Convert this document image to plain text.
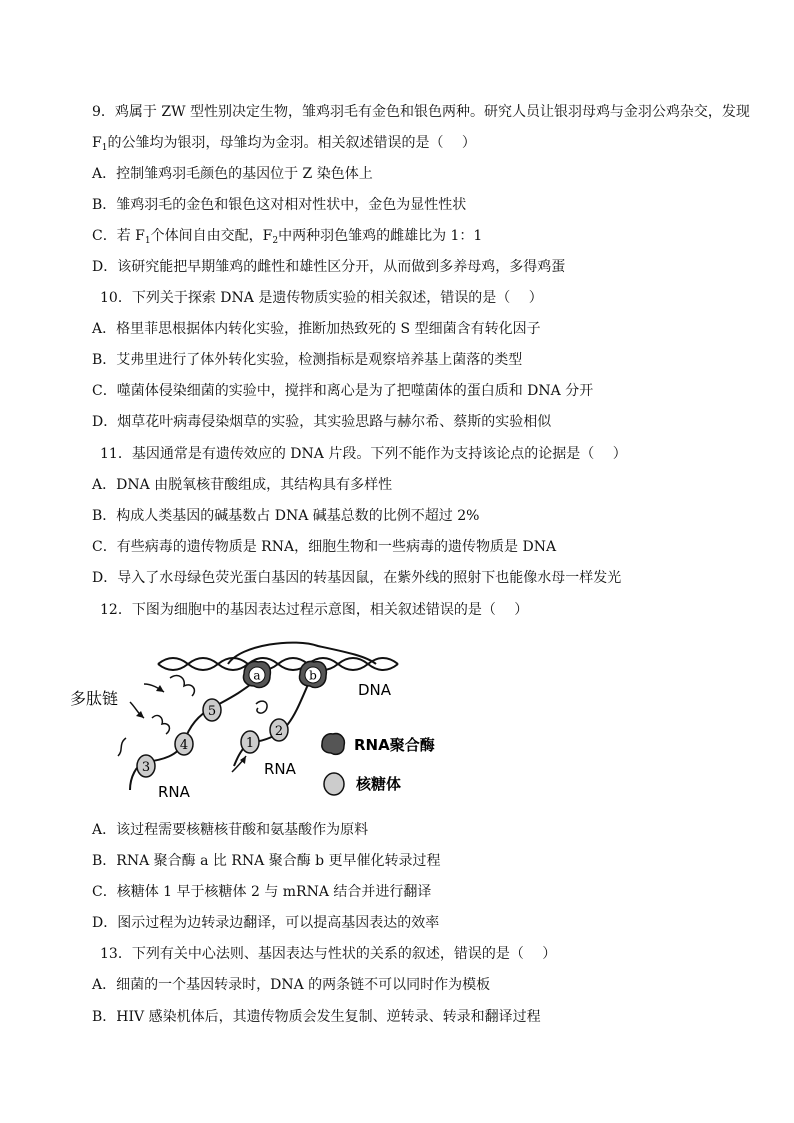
9．鸡属于 ZW 型性别决定生物，雏鸡羽毛有金色和银色两种。研究人员让银羽母鸡与金羽公鸡杂交，发现
$F_1$的公雏均为银羽，母雏均为金羽。相关叙述错误的是（　 ）
A．控制雏鸡羽毛颜色的基因位于 Z 染色体上
B．雏鸡羽毛的金色和银色这对相对性状中，金色为显性性状
C．若 $F_1$个体间自由交配，$F_2$中两种羽色雏鸡的雌雄比为 1：1
D．该研究能把早期雏鸡的雌性和雄性区分开，从而做到多养母鸡，多得鸡蛋
10．下列关于探索 DNA 是遗传物质实验的相关叙述，错误的是（　 ）
A．格里菲思根据体内转化实验，推断加热致死的 S 型细菌含有转化因子
B．艾弗里进行了体外转化实验，检测指标是观察培养基上菌落的类型
C．噬菌体侵染细菌的实验中，搅拌和离心是为了把噬菌体的蛋白质和 DNA 分开
D．烟草花叶病毒侵染烟草的实验，其实验思路与赫尔希、蔡斯的实验相似
11．基因通常是有遗传效应的 DNA 片段。下列不能作为支持该论点的论据是（　 ）
A．DNA 由脱氧核苷酸组成，其结构具有多样性
B．构成人类基因的碱基数占 DNA 碱基总数的比例不超过 2%
C．有些病毒的遗传物质是 RNA，细胞生物和一些病毒的遗传物质是 DNA
D．导入了水母绿色荧光蛋白基因的转基因鼠，在紫外线的照射下也能像水母一样发光
12．下图为细胞中的基因表达过程示意图，相关叙述错误的是（　 ）
a	b
5
4
3
2
1
多肽链	DNA
RNA
RNA
RNA聚合酶
核糖体
A．该过程需要核糖核苷酸和氨基酸作为原料
B．RNA 聚合酶 a 比 RNA 聚合酶 b 更早催化转录过程
C．核糖体 1 早于核糖体 2 与 mRNA 结合并进行翻译
D．图示过程为边转录边翻译，可以提高基因表达的效率
13．下列有关中心法则、基因表达与性状的关系的叙述，错误的是（　 ）
A．细菌的一个基因转录时，DNA 的两条链不可以同时作为模板
B．HIV 感染机体后，其遗传物质会发生复制、逆转录、转录和翻译过程
